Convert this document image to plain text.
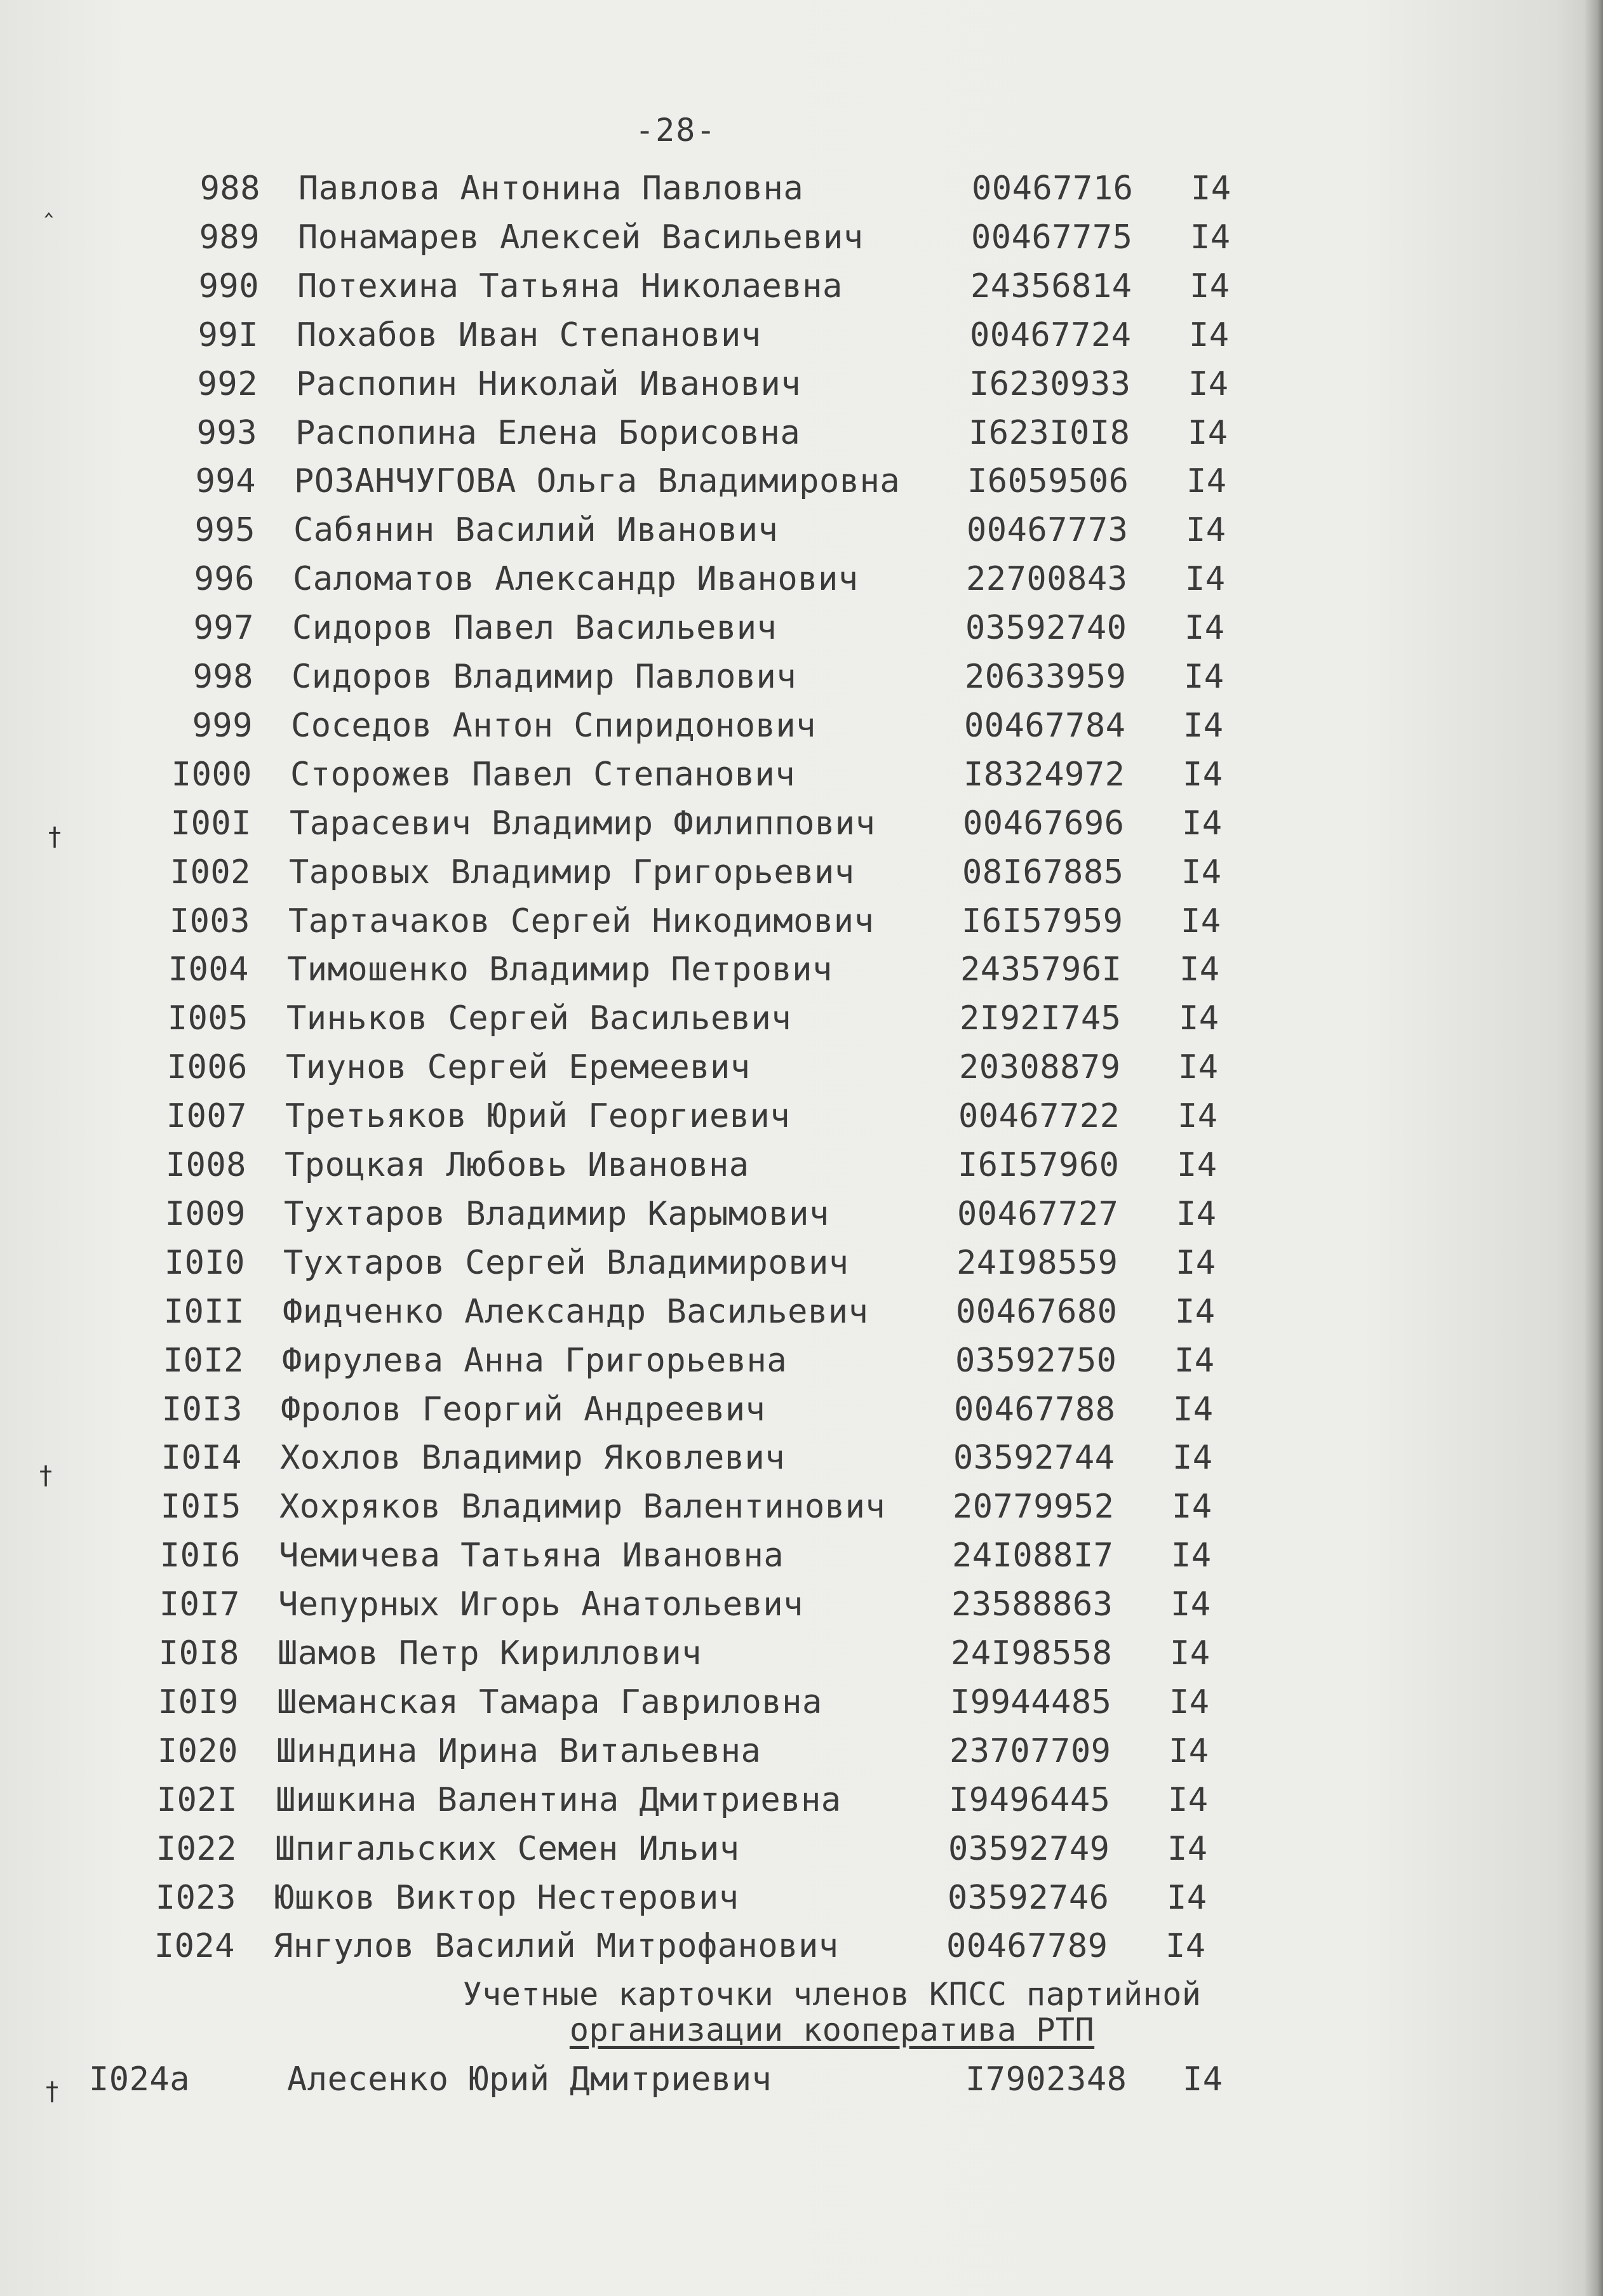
-28-
988 Павлова Антонина Павловна	00467716 I4
989 Понамарев Алексей Васильевич	00467775 I4
990 Потехина Татьяна Николаевна	24356814 I4
99I Похабов Иван Степанович	00467724 I4
992 Распопин Николай Иванович	I6230933 I4
993 Распопина Елена Борисовна	I623I0I8 I4
994 РОЗАНЧУГОВА Ольга Владимировна I6059506 I4
995 Сабянин Василий Иванович	00467773 I4
996 Саломатов Александр Иванович	22700843 I4
997 Сидоров Павел Васильевич	03592740 I4
998 Сидоров Владимир Павлович	20633959 I4
999 Соседов Антон Спиридонович	00467784 I4
I000 Сторожев Павел Степанович	I8324972 I4
I00I Тарасевич Владимир Филиппович	00467696 I4
I002 Таровых Владимир Григорьевич	08I67885 I4
I003 Тартачаков Сергей Никодимович	I6I57959 I4
I004 Тимошенко Владимир Петрович	2435796I I4
I005 Тиньков Сергей Васильевич	2I92I745 I4
I006 Тиунов Сергей Еремеевич	20308879 I4
I007 Третьяков Юрий Георгиевич	00467722 I4
I008 Троцкая Любовь Ивановна	I6I57960 I4
I009 Тухтаров Владимир Карымович	00467727 I4
I0I0 Тухтаров Сергей Владимирович	24I98559 I4
I0II Фидченко Александр Васильевич	00467680 I4
I0I2 Фирулева Анна Григорьевна	03592750 I4
I0I3 Фролов Георгий Андреевич	00467788 I4
I0I4 Хохлов Владимир Яковлевич	03592744 I4
I0I5 Хохряков Владимир Валентинович 20779952 I4
I0I6 Чемичева Татьяна Ивановна	24I088I7 I4
I0I7 Чепурных Игорь Анатольевич	23588863 I4
I0I8 Шамов Петр Кириллович	24I98558 I4
I0I9 Шеманская Тамара Гавриловна	I9944485 I4
I020 Шиндина Ирина Витальевна	23707709 I4
I02I Шишкина Валентина Дмитриевна	I9496445 I4
I022 Шпигальских Семен Ильич	03592749 I4
I023 Юшков Виктор Нестерович	03592746 I4
I024 Янгулов Василий Митрофанович	00467789 I4
Учетные карточки членов КПСС партийной
организации кооператива РТП
I024а	Алесенко Юрий Дмитриевич	I7902348 I4
‸
†
†
†
